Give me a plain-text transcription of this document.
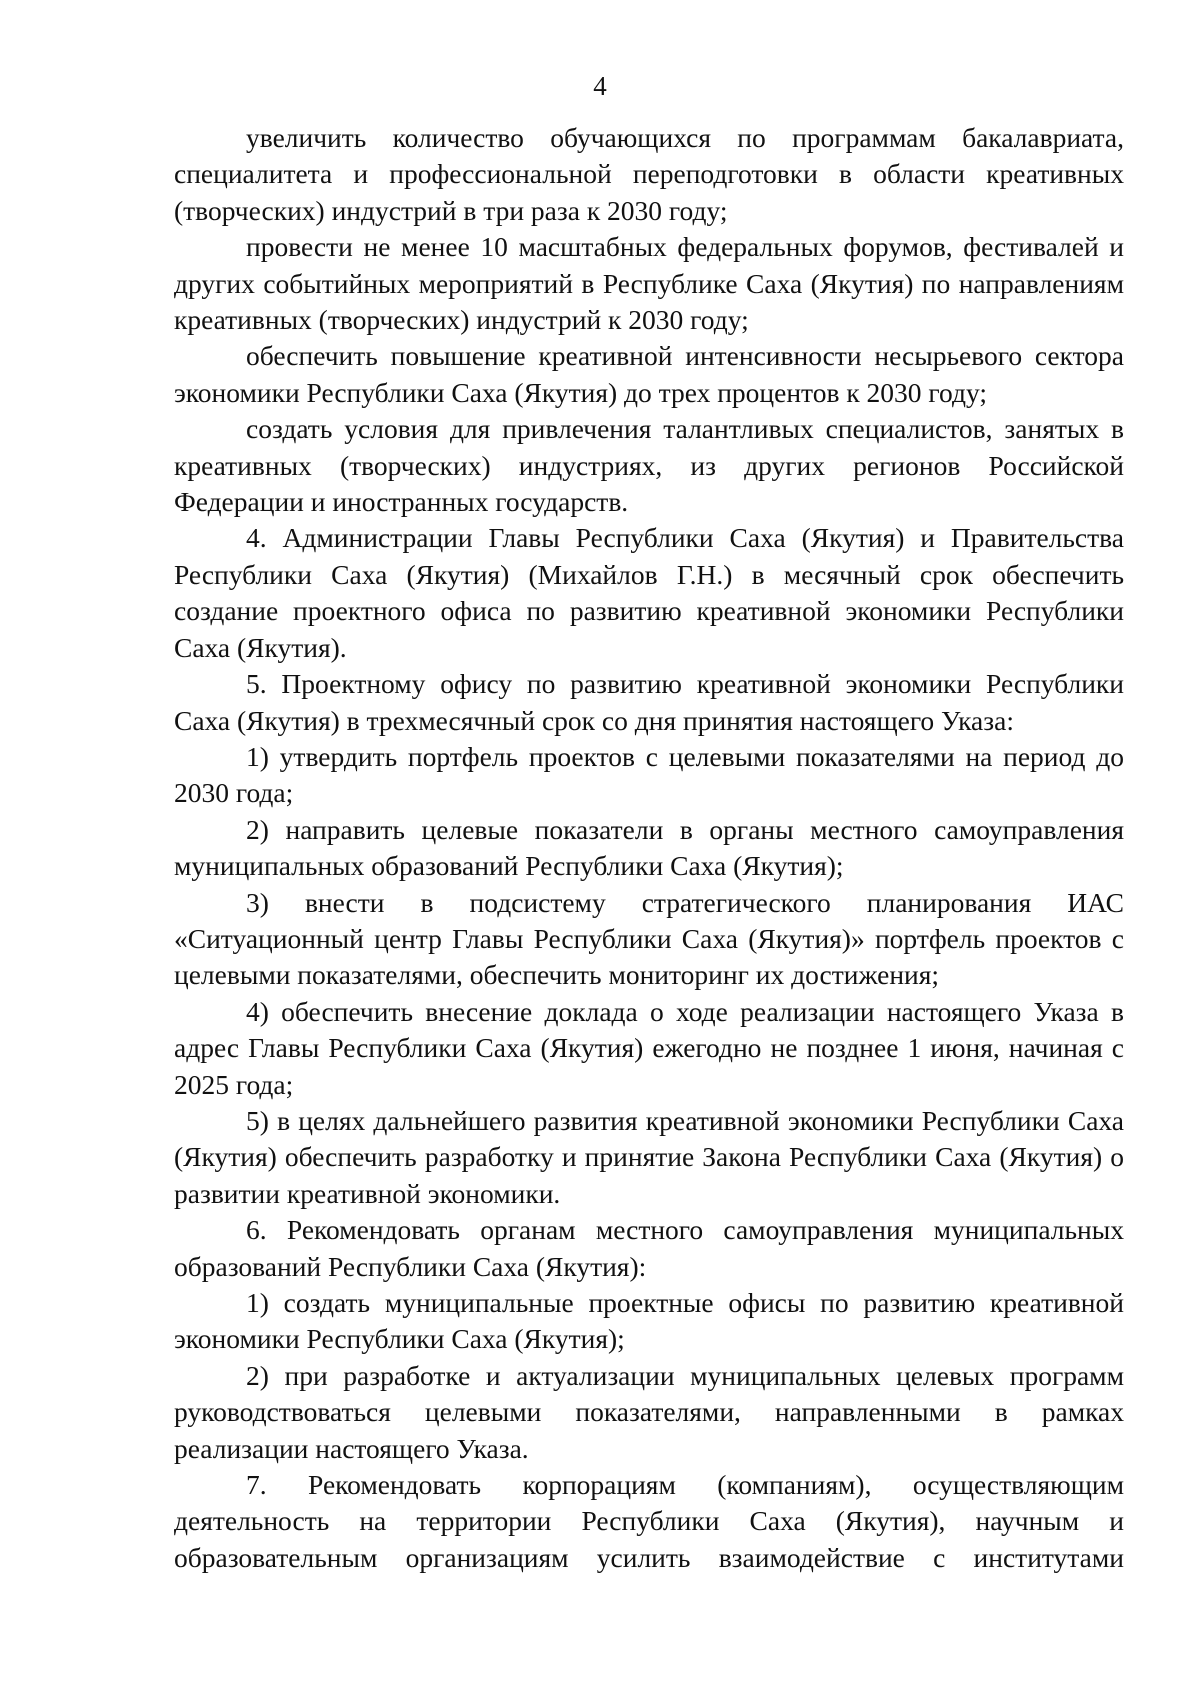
4

увеличить количество обучающихся по программам бакалавриата, специалитета и профессиональной переподготовки в области креативных (творческих) индустрий в три раза к 2030 году;

провести не менее 10 масштабных федеральных форумов, фестивалей и других событийных мероприятий в Республике Саха (Якутия) по направлениям креативных (творческих) индустрий к 2030 году;

обеспечить повышение креативной интенсивности несырьевого сектора экономики Республики Саха (Якутия) до трех процентов к 2030 году;

создать условия для привлечения талантливых специалистов, занятых в креативных (творческих) индустриях, из других регионов Российской Федерации и иностранных государств.

4. Администрации Главы Республики Саха (Якутия) и Правительства Республики Саха (Якутия) (Михайлов Г.Н.) в месячный срок обеспечить создание проектного офиса по развитию креативной экономики Республики Саха (Якутия).

5. Проектному офису по развитию креативной экономики Республики Саха (Якутия) в трехмесячный срок со дня принятия настоящего Указа:

1) утвердить портфель проектов с целевыми показателями на период до 2030 года;

2) направить целевые показатели в органы местного самоуправления муниципальных образований Республики Саха (Якутия);

3) внести в подсистему стратегического планирования ИАС «Ситуационный центр Главы Республики Саха (Якутия)» портфель проектов с целевыми показателями, обеспечить мониторинг их достижения;

4) обеспечить внесение доклада о ходе реализации настоящего Указа в адрес Главы Республики Саха (Якутия) ежегодно не позднее 1 июня, начиная с 2025 года;

5) в целях дальнейшего развития креативной экономики Республики Саха (Якутия) обеспечить разработку и принятие Закона Республики Саха (Якутия) о развитии креативной экономики.

6. Рекомендовать органам местного самоуправления муниципальных образований Республики Саха (Якутия):

1) создать муниципальные проектные офисы по развитию креативной экономики Республики Саха (Якутия);

2) при разработке и актуализации муниципальных целевых программ руководствоваться целевыми показателями, направленными в рамках реализации настоящего Указа.

7. Рекомендовать корпорациям (компаниям), осуществляющим деятельность на территории Республики Саха (Якутия), научным и образовательным организациям усилить взаимодействие с институтами
